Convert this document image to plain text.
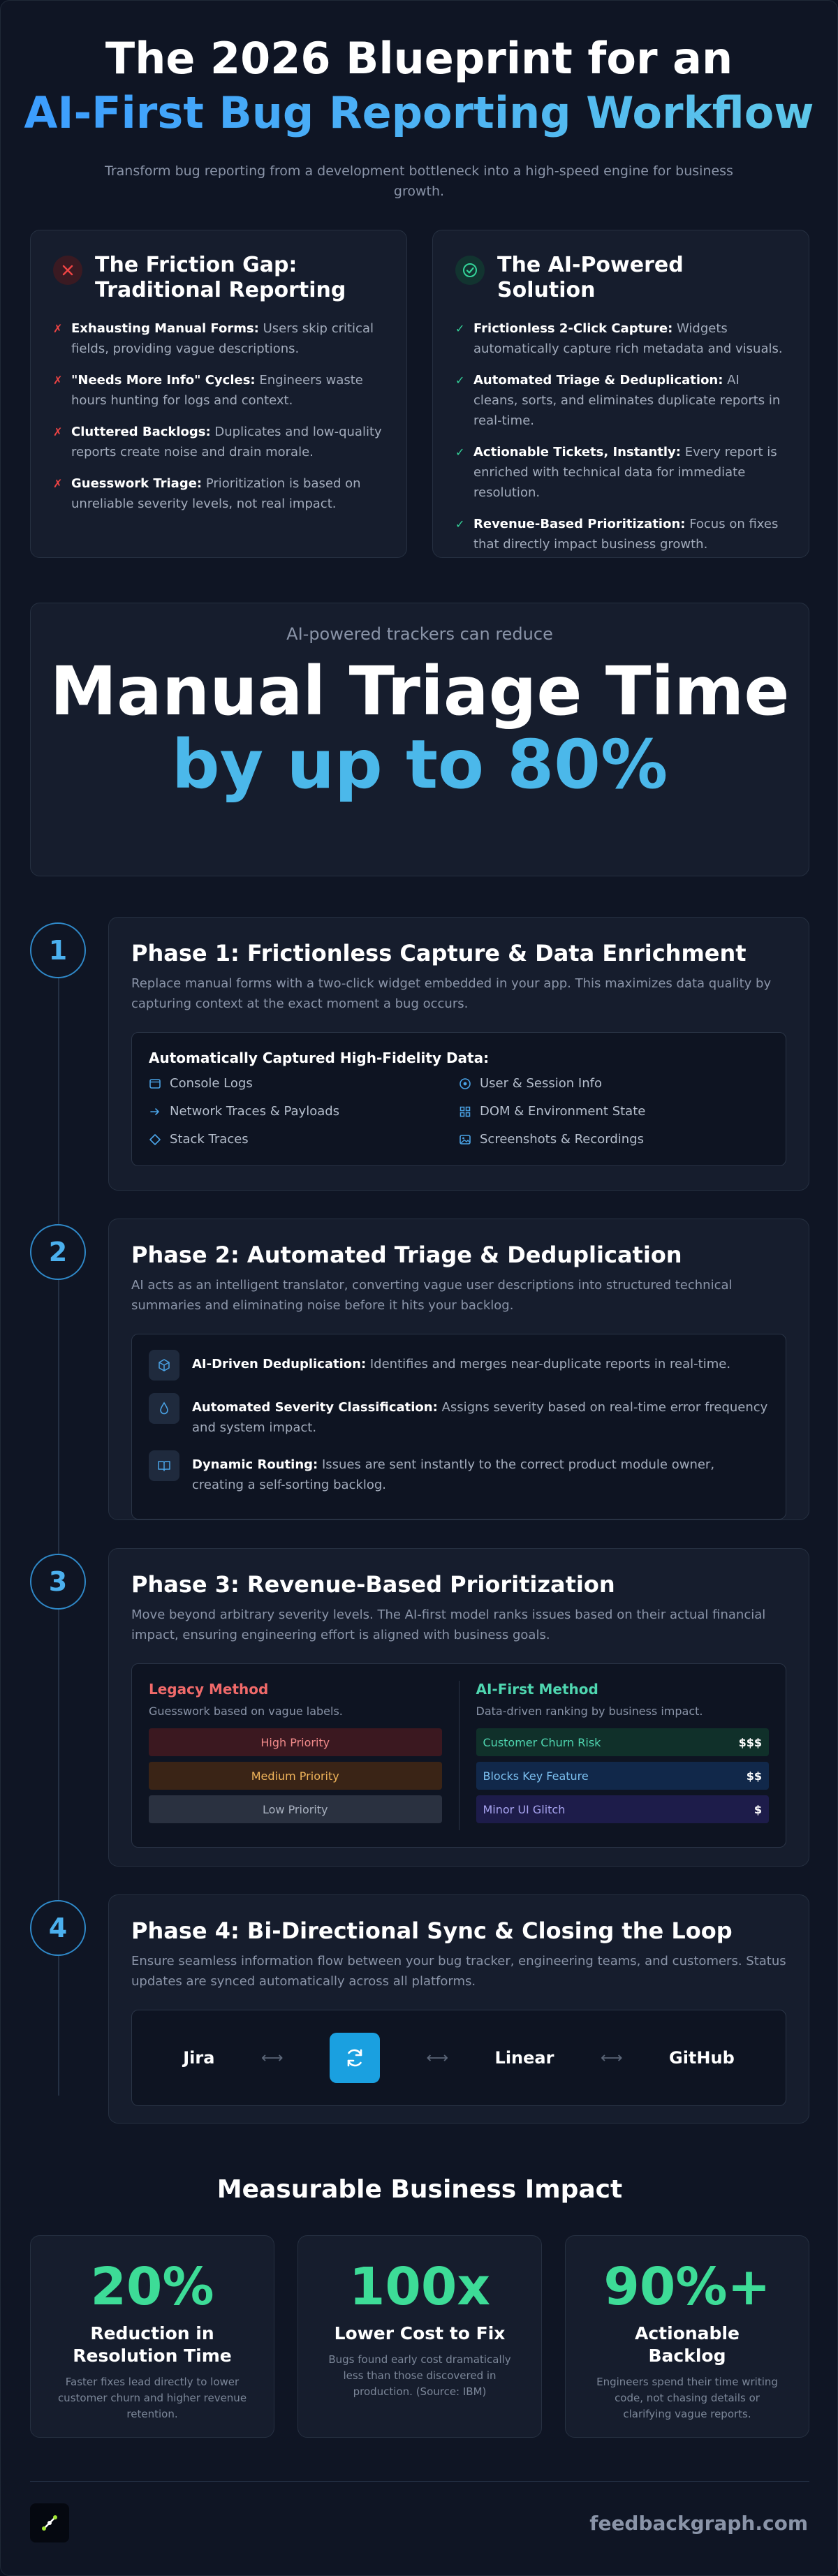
The 2026 Blueprint for an
AI-First Bug Reporting Workflow

Transform bug reporting from a development bottleneck into a high-speed engine for business growth.

The Friction Gap: Traditional Reporting
✗ Exhausting Manual Forms: Users skip critical fields, providing vague descriptions.
✗ "Needs More Info" Cycles: Engineers waste hours hunting for logs and context.
✗ Cluttered Backlogs: Duplicates and low-quality reports create noise and drain morale.
✗ Guesswork Triage: Prioritization is based on unreliable severity levels, not real impact.
The AI-Powered Solution
✓ Frictionless 2-Click Capture: Widgets automatically capture rich metadata and visuals.
✓ Automated Triage & Deduplication: AI cleans, sorts, and eliminates duplicate reports in real-time.
✓ Actionable Tickets, Instantly: Every report is enriched with technical data for immediate resolution.
✓ Revenue-Based Prioritization: Focus on fixes that directly impact business growth.
AI-powered trackers can reduce
Manual Triage Time
by up to 80%
1	Phase 1: Frictionless Capture & Data Enrichment

Replace manual forms with a two-click widget embedded in your app. This maximizes data quality by capturing context at the exact moment a bug occurs.

Automatically Captured High-Fidelity Data:
Console Logs	User & Session Info
Network Traces & Payloads	DOM & Environment State
Stack Traces	Screenshots & Recordings
2	Phase 2: Automated Triage & Deduplication

AI acts as an intelligent translator, converting vague user descriptions into structured technical summaries and eliminating noise before it hits your backlog.

AI-Driven Deduplication: Identifies and merges near-duplicate reports in real-time.
Automated Severity Classification: Assigns severity based on real-time error frequency and system impact.
Dynamic Routing: Issues are sent instantly to the correct product module owner, creating a self-sorting backlog.
3	Phase 3: Revenue-Based Prioritization

Move beyond arbitrary severity levels. The AI-first model ranks issues based on their actual financial impact, ensuring engineering effort is aligned with business goals.

Legacy Method
Guesswork based on vague labels.
High Priority
Medium Priority
Low Priority
AI-First Method
Data-driven ranking by business impact.
Customer Churn Risk	$$$
Blocks Key Feature	$$
Minor UI Glitch	$
4	Phase 4: Bi-Directional Sync & Closing the Loop

Ensure seamless information flow between your bug tracker, engineering teams, and customers. Status updates are synced automatically across all platforms.

Jira	⟷	⟷	Linear	⟷	GitHub
Measurable Business Impact
20%
Reduction in Resolution Time
Faster fixes lead directly to lower customer churn and higher revenue retention.
100x
Lower Cost to Fix
Bugs found early cost dramatically less than those discovered in production. (Source: IBM)
90%+
Actionable Backlog
Engineers spend their time writing code, not chasing details or clarifying vague reports.
feedbackgraph.com
